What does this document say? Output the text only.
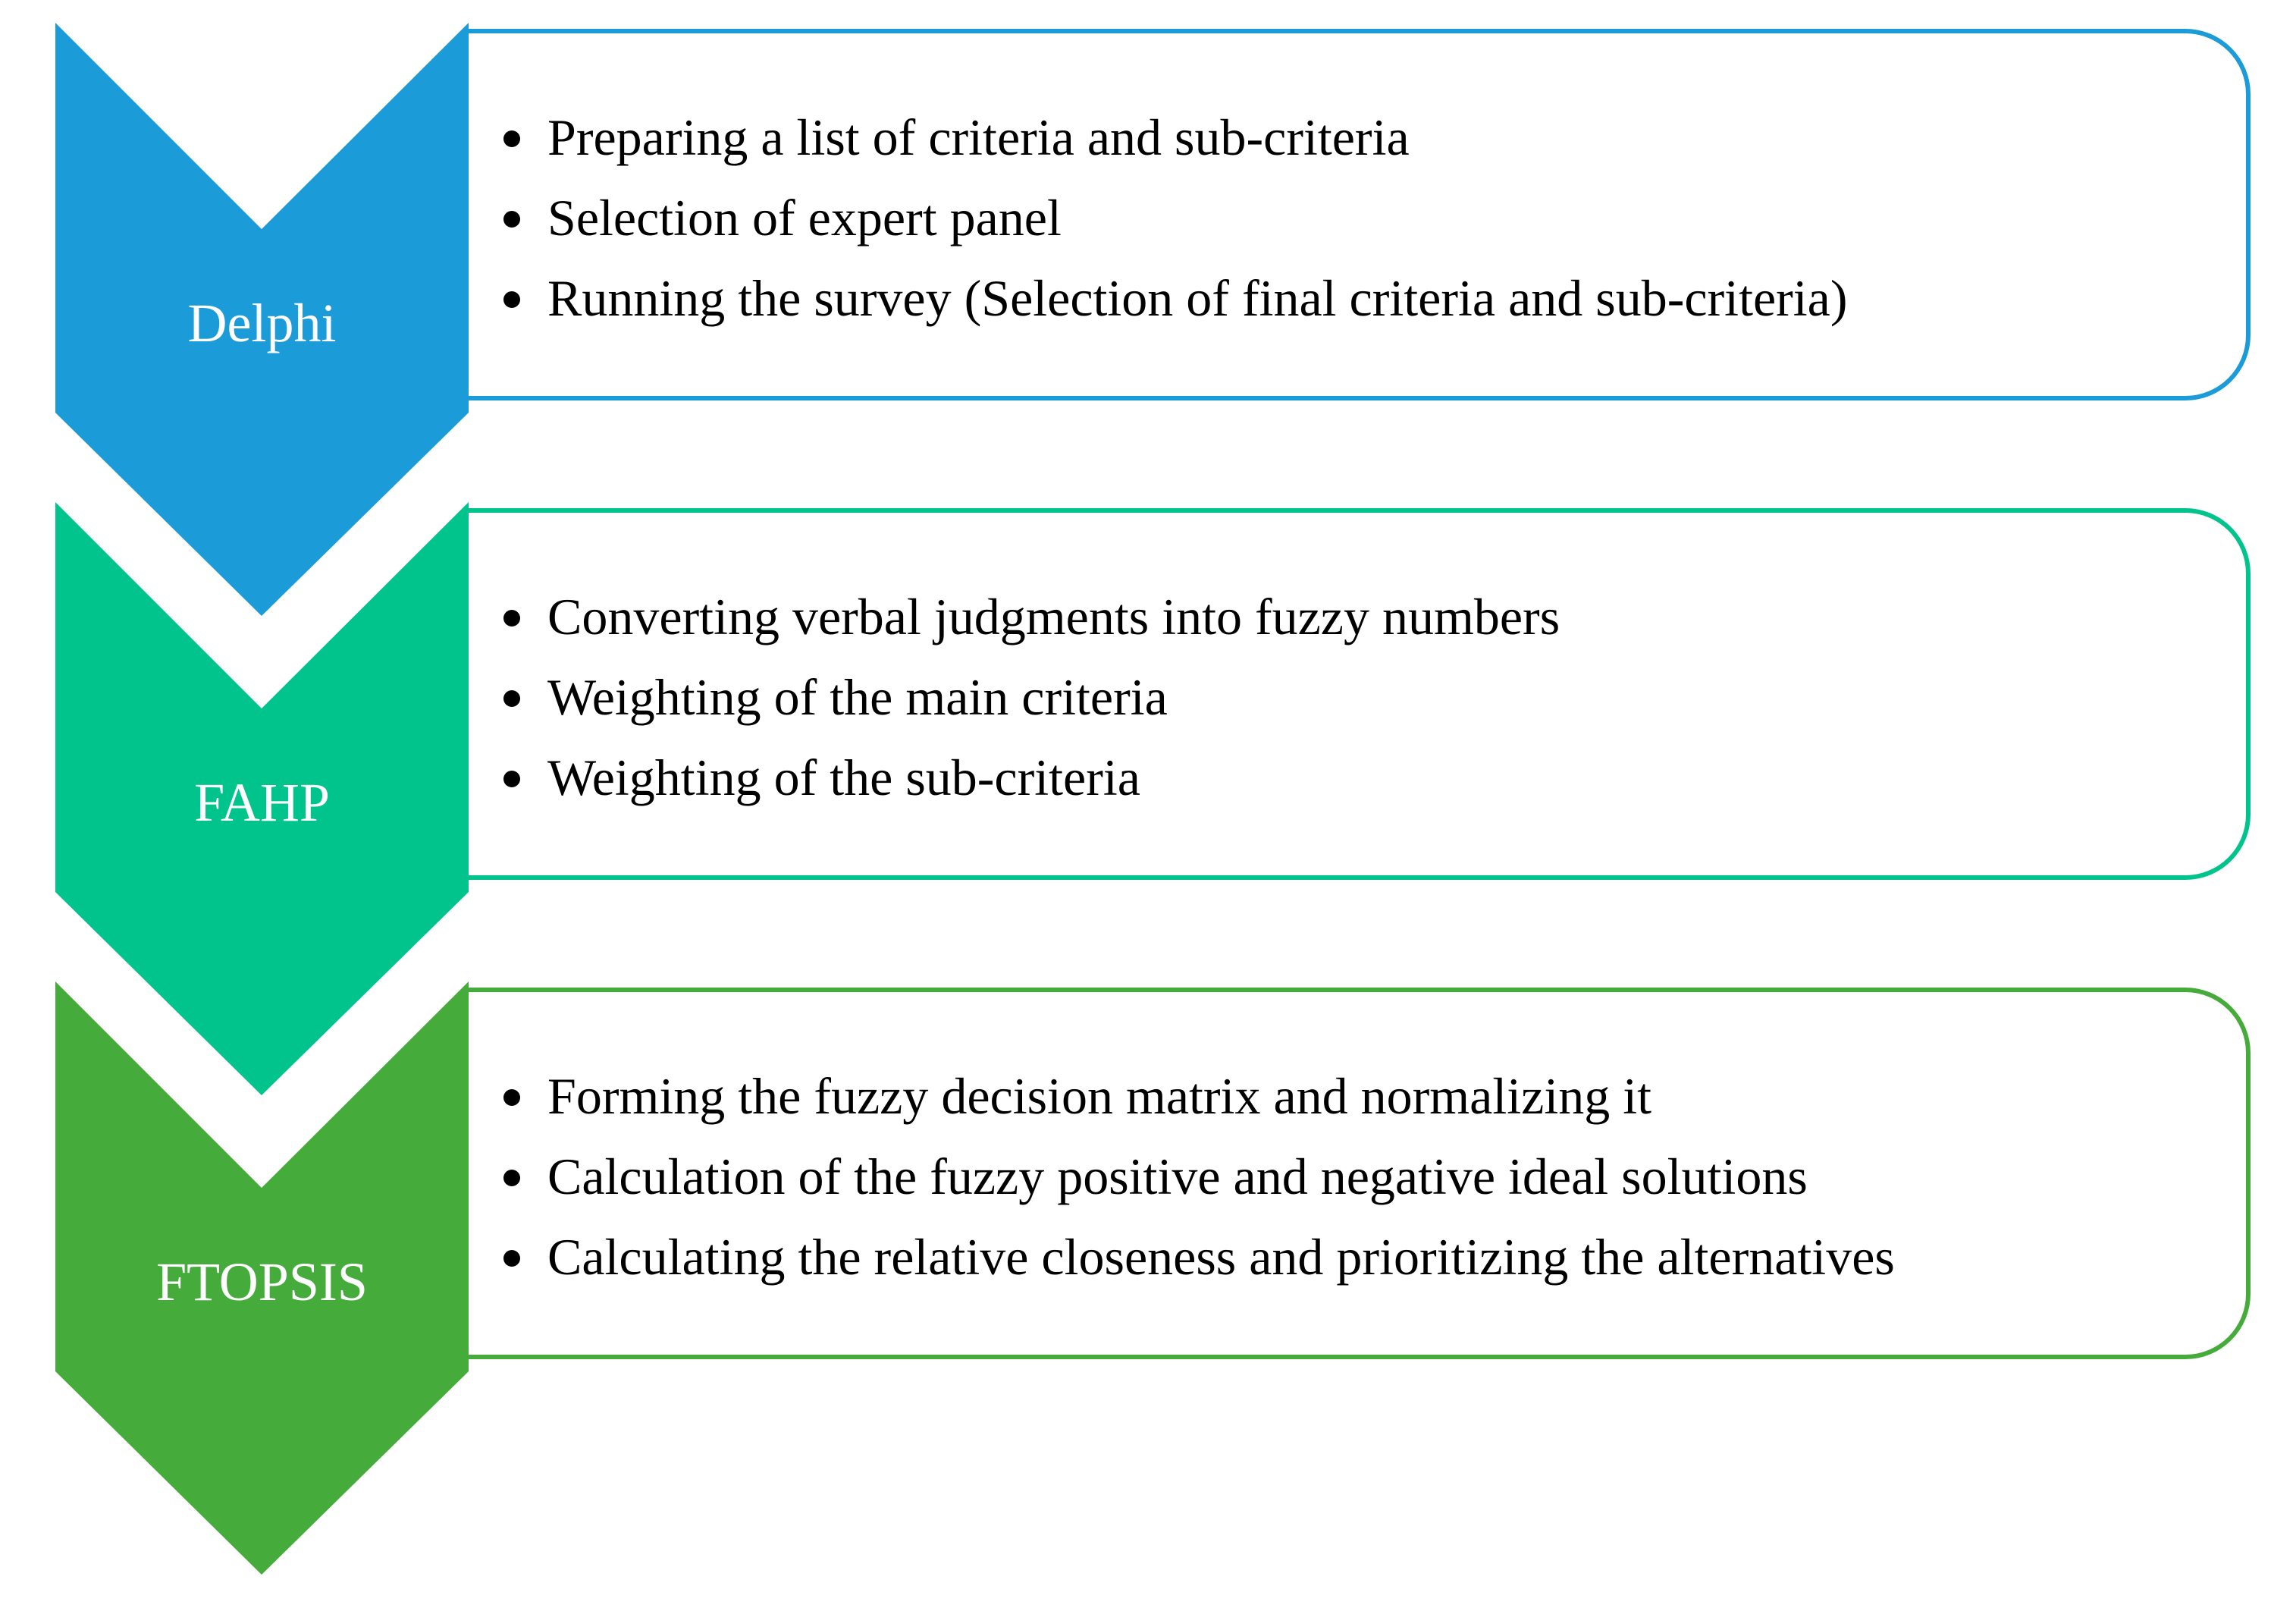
Delphi
Preparing a list of criteria and sub-criteria
Selection of expert panel
Running the survey (Selection of final criteria and sub-criteria)
FAHP
Converting verbal judgments into fuzzy numbers
Weighting of the main criteria
Weighting of the sub-criteria
FTOPSIS
Forming the fuzzy decision matrix and normalizing it
Calculation of the fuzzy positive and negative ideal solutions
Calculating the relative closeness and prioritizing the alternatives
